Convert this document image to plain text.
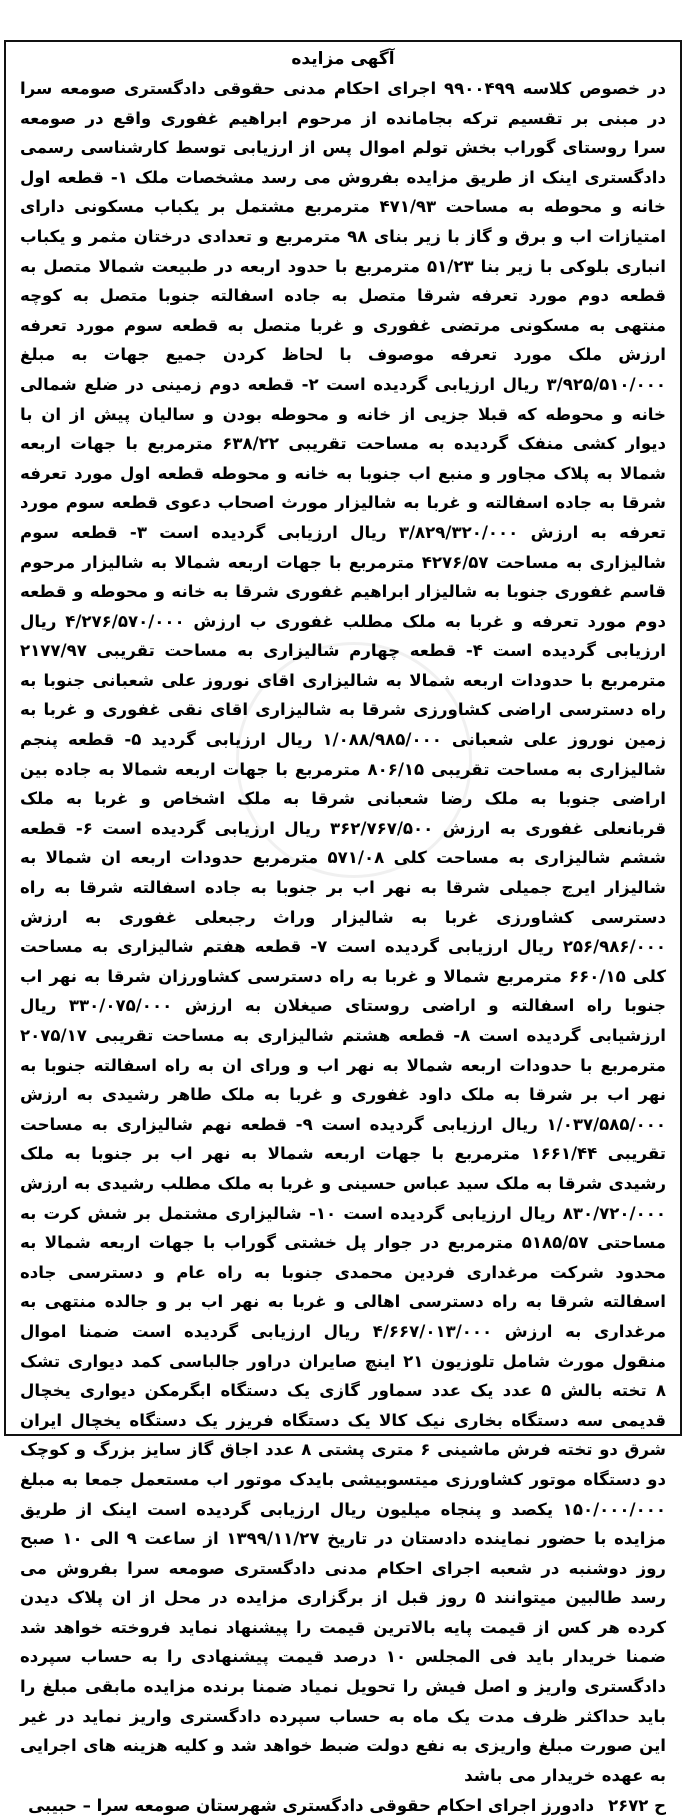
آگهی مزایده

در خصوص کلاسه ۹۹۰۰۴۹۹ اجرای احکام مدنی حقوقی دادگستری صومعه سرا در مبنی بر تقسیم ترکه بجامانده از مرحوم ابراهیم غفوری واقع در صومعه سرا روستای گوراب بخش تولم اموال پس از ارزیابی توسط کارشناسی رسمی دادگستری اینک از طریق مزایده بفروش می رسد مشخصات ملک ۱- قطعه اول خانه و محوطه به مساحت ۴۷۱/۹۳ مترمربع مشتمل بر یکباب مسکونی دارای امتیازات اب و برق و گاز با زیر بنای ۹۸ مترمربع و تعدادی درختان مثمر و یکباب انباری بلوکی با زیر بنا ۵۱/۲۳ مترمربع با حدود اربعه در طبیعت شمالا متصل به قطعه دوم مورد تعرفه شرقا متصل به جاده اسفالته جنوبا متصل به کوچه منتهی به مسکونی مرتضی غفوری و غربا متصل به قطعه سوم مورد تعرفه ارزش ملک مورد تعرفه موصوف با لحاظ کردن جمیع جهات به مبلغ ۳/۹۲۵/۵۱۰/۰۰۰ ریال ارزیابی گردیده است ۲- قطعه دوم زمینی در ضلع شمالی خانه و محوطه که قبلا جزیی از خانه و محوطه بودن و سالیان پیش از ان با دیوار کشی منفک گردیده به مساحت تقریبی ۶۳۸/۲۲ مترمربع با جهات اربعه شمالا به پلاک مجاور و منبع اب جنوبا به خانه و محوطه قطعه اول مورد تعرفه شرقا به جاده اسفالته و غربا به شالیزار مورث اصحاب دعوی قطعه سوم مورد تعرفه به ارزش ۳/۸۲۹/۳۲۰/۰۰۰ ریال ارزیابی گردیده است ۳- قطعه سوم شالیزاری به مساحت ۴۲۷۶/۵۷ مترمربع با جهات اربعه شمالا به شالیزار مرحوم قاسم غفوری جنوبا به شالیزار ابراهیم غفوری شرقا به خانه و محوطه و قطعه دوم مورد تعرفه و غربا به ملک مطلب غفوری ب ارزش ۴/۲۷۶/۵۷۰/۰۰۰ ریال ارزیابی گردیده است ۴- قطعه چهارم شالیزاری به مساحت تقریبی ۲۱۷۷/۹۷ مترمربع با حدودات اربعه شمالا به شالیزاری اقای نوروز علی شعبانی جنوبا به راه دسترسی اراضی کشاورزی شرقا به شالیزاری اقای نقی غفوری و غربا به زمین نوروز علی شعبانی ۱/۰۸۸/۹۸۵/۰۰۰ ریال ارزیابی گردید ۵- قطعه پنجم شالیزاری به مساحت تقریبی ۸۰۶/۱۵ مترمربع با جهات اربعه شمالا به جاده بین اراضی جنوبا به ملک رضا شعبانی شرقا به ملک اشخاص و غربا به ملک قربانعلی غفوری به ارزش ۳۶۲/۷۶۷/۵۰۰ ریال ارزیابی گردیده است ۶- قطعه ششم شالیزاری به مساحت کلی ۵۷۱/۰۸ مترمربع حدودات اربعه ان شمالا به شالیزار ایرج جمیلی شرقا به نهر اب بر جنوبا به جاده اسفالته شرقا به راه دسترسی کشاورزی غربا به شالیزار وراث رجبعلی غفوری به ارزش ۲۵۶/۹۸۶/۰۰۰ ریال ارزیابی گردیده است ۷- قطعه هفتم شالیزاری به مساحت کلی ۶۶۰/۱۵ مترمربع شمالا و غربا به راه دسترسی کشاورزان شرقا به نهر اب جنوبا راه اسفالته و اراضی روستای صیغلان به ارزش ۳۳۰/۰۷۵/۰۰۰ ریال ارزشیابی گردیده است ۸- قطعه هشتم شالیزاری به مساحت تقریبی ۲۰۷۵/۱۷ مترمربع با حدودات اربعه شمالا به نهر اب و ورای ان به راه اسفالته جنوبا به نهر اب بر شرقا به ملک داود غفوری و غربا به ملک طاهر رشیدی به ارزش ۱/۰۳۷/۵۸۵/۰۰۰ ریال ارزیابی گردیده است ۹- قطعه نهم شالیزاری به مساحت تقریبی ۱۶۶۱/۴۴ مترمربع با جهات اربعه شمالا به نهر اب بر جنوبا به ملک رشیدی شرقا به ملک سید عباس حسینی و غربا به ملک مطلب رشیدی به ارزش ۸۳۰/۷۲۰/۰۰۰ ریال ارزیابی گردیده است ۱۰- شالیزاری مشتمل بر شش کرت به مساحتی ۵۱۸۵/۵۷ مترمربع در جوار پل خشتی گوراب با جهات اربعه شمالا به محدود شرکت مرغداری فردین محمدی جنوبا به راه عام و دسترسی جاده اسفالته شرقا به راه دسترسی اهالی و غربا به نهر اب بر و جالده منتهی به مرغداری به ارزش ۴/۶۶۷/۰۱۳/۰۰۰ ریال ارزیابی گردیده است ضمنا اموال منقول مورث شامل تلوزیون ۲۱ اینچ صایران دراور جالباسی کمد دیواری تشک ۸ تخته بالش ۵ عدد یک عدد سماور گازی یک دستگاه ابگرمکن دیواری یخچال قدیمی سه دستگاه بخاری نیک کالا یک دستگاه فریزر یک دستگاه یخچال ایران شرق دو تخته فرش ماشینی ۶ متری پشتی ۸ عدد اجاق گاز سایز بزرگ و کوچک دو دستگاه موتور کشاورزی میتسوبیشی بایدک موتور اب مستعمل جمعا به مبلغ ۱۵۰/۰۰۰/۰۰۰ یکصد و پنجاه میلیون ریال ارزیابی گردیده است اینک از طریق مزایده با حضور نماینده دادستان در تاریخ ۱۳۹۹/۱۱/۲۷ از ساعت ۹ الی ۱۰ صبح روز دوشنبه در شعبه اجرای احکام مدنی دادگستری صومعه سرا بفروش می رسد طالبین میتوانند ۵ روز قبل از برگزاری مزایده در محل از ان پلاک دیدن کرده هر کس از قیمت پایه بالاترین قیمت را پیشنهاد نماید فروخته خواهد شد ضمنا خریدار باید فی المجلس ۱۰ درصد قیمت پیشنهادی را به حساب سپرده دادگستری واریز و اصل فیش را تحویل نمیاد ضمنا برنده مزایده مابقی مبلغ را باید حداکثر ظرف مدت یک ماه به حساب سپرده دادگستری واریز نماید در غیر این صورت مبلغ واریزی به نفع دولت ضبط خواهد شد و کلیه هزینه های اجرایی به عهده خریدار می باشد

ح ۲۶۷۲
دادورز اجرای احکام حقوقی دادگستری شهرستان صومعه سرا – حبیبی
